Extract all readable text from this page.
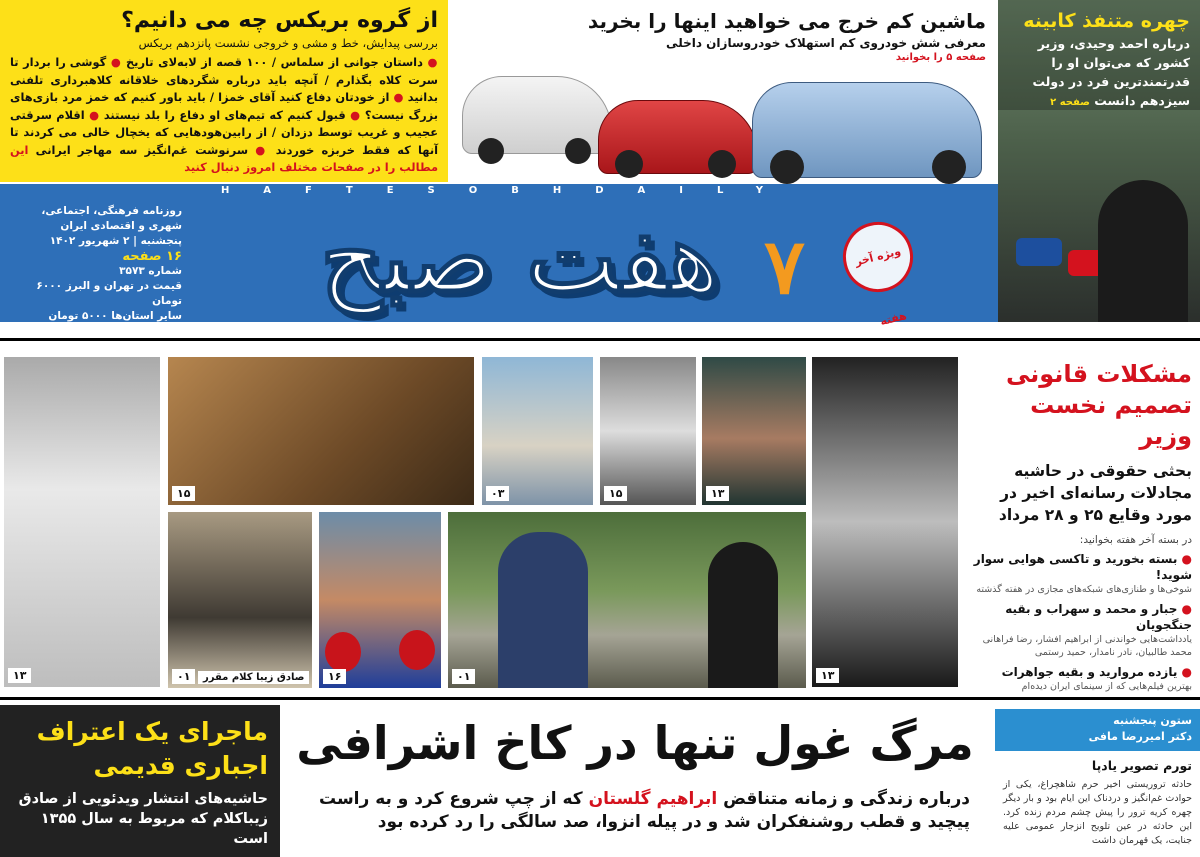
از گروه بریکس چه می دانیم؟
بررسی پیدایش، خط و مشی و خروجی نشست پانزدهم بریکس
● داستان جوانی از سلماس / ۱۰۰ قصه از لابه‌لای تاریخ ● گوشی را بردار تا سرت کلاه بگذارم / آنچه باید درباره شگردهای خلاقانه کلاهبرداری تلفنی بدانید ● از خودتان دفاع کنید آقای خمزا / باید باور کنیم که خمز مرد بازی‌های بزرگ نیست؟ ● قبول کنیم که تیم‌های او دفاع را بلد نیستند ● اقلام سرقتی عجیب و غریب توسط دزدان / از رابین‌هودهایی که یخچال خالی می کردند تا آنها که فقط خربزه خوردند ● سرنوشت غم‌انگیز سه مهاجر ایرانی این مطالب را در صفحات مختلف امروز دنبال کنید
ماشین کم خرج می خواهید اینها را بخرید
معرفی شش خودروی کم استهلاک خودروسازان داخلی
صفحه ۵ را بخوانید
چهره متنفذ کابینه
درباره احمد وحیدی، وزیر کشور که می‌توان او را قدرتمندترین فرد در دولت سیزدهم دانست صفحه ۲
HAFTESOBHDAILY
هفت صبح ۷	ویژه آخر هفته
روزنامه فرهنگی، اجتماعی،
شهری و اقتصادی ایران
پنجشنبه | ۲ شهریور ۱۴۰۲
۱۶ صفحه
شماره ۳۵۷۳
قیمت در تهران و البرز ۶۰۰۰ تومان
سایر استان‌ها ۵۰۰۰ تومان
۱۳
۱۵	۰۳	۱۵	۱۳
۱۳
۰۱	صادق زیبا کلام مقرر	۱۶	۰۱
مشکلات قانونی
تصمیم نخست وزیر
بحثی حقوقی در حاشیه مجادلات رسانه‌ای اخیر در مورد وقایع ۲۵ و ۲۸ مرداد
در بسته آخر هفته بخوانید:
● بسته بخورید و تاکسی هوایی سوار شوید!
شوخی‌ها و طنازی‌های شبکه‌های مجازی در هفته گذشته
● جبار و محمد و سهراب و بقیه جنگجویان
یادداشت‌هایی خواندنی از ابراهیم افشار، رضا فراهانی محمد طالبیان، نادر نامدار، حمید رستمی
● یازده مروارید و بقیه جواهرات
بهترین فیلم‌هایی که از سینمای ایران دیده‌ام
ماجرای یک اعتراف اجباری قدیمی
حاشیه‌های انتشار ویدئویی از صادق زیباکلام که مربوط به سال ۱۳۵۵ است
مرگ غول تنها در کاخ اشرافی
درباره زندگی و زمانه متناقض ابراهیم گلستان که از چپ شروع کرد و به راست پیچید و قطب روشنفکران شد و در پیله انزوا، صد سالگی را رد کرده بود
ستون پنجشنبه
دکتر امیررضا مافی
تورم تصویر یادپا
حادثه تروریستی اخیر حرم شاهچراغ، یکی از حوادث غم‌انگیز و دردناک این ایام بود و بار دیگر چهره کریه ترور را پیش چشم مردم زنده کرد. این حادثه در عین تلویح انزجار عمومی علیه جنایت، یک قهرمان داشت
